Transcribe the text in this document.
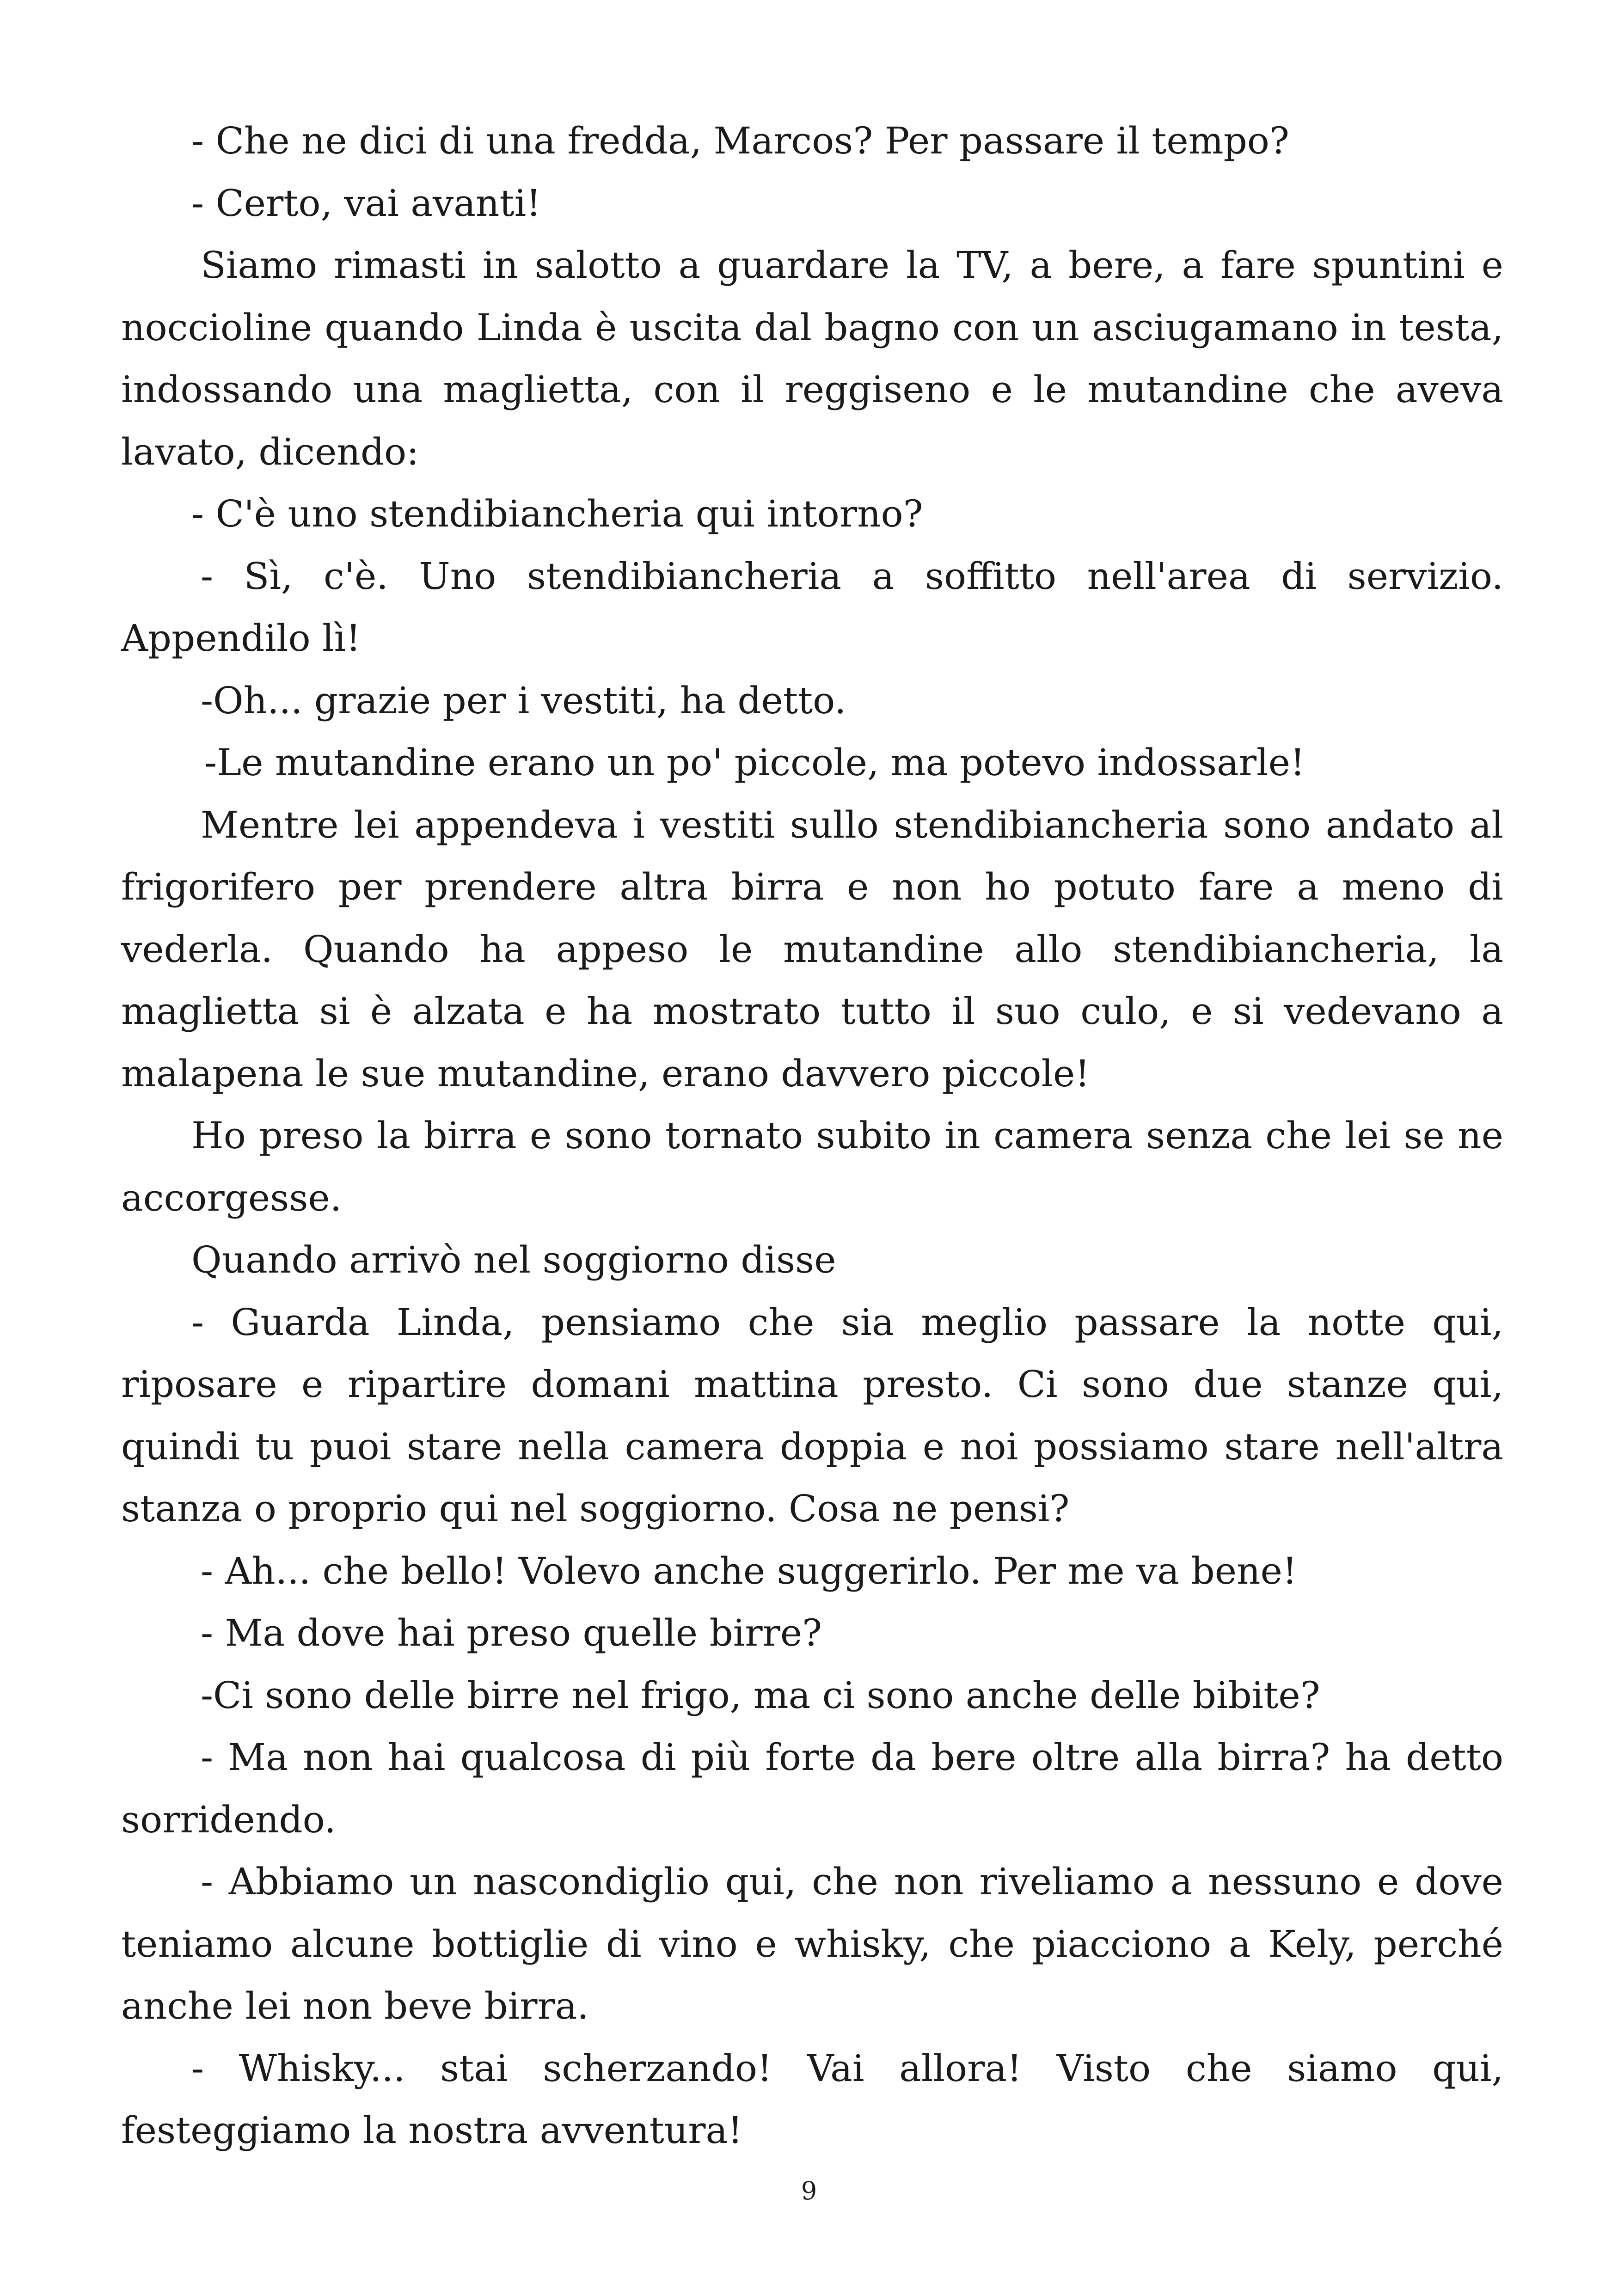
- Che ne dici di una fredda, Marcos? Per passare il tempo?

- Certo, vai avanti!

Siamo rimasti in salotto a guardare la TV, a bere, a fare spuntini e noccioline quando Linda è uscita dal bagno con un asciugamano in testa, indossando una maglietta, con il reggiseno e le mutandine che aveva lavato, dicendo:

- C'è uno stendibiancheria qui intorno?

- Sì, c'è. Uno stendibiancheria a soffitto nell'area di servizio. Appendilo lì!

-Oh... grazie per i vestiti, ha detto.

-Le mutandine erano un po' piccole, ma potevo indossarle!

Mentre lei appendeva i vestiti sullo stendibiancheria sono andato al frigorifero per prendere altra birra e non ho potuto fare a meno di vederla. Quando ha appeso le mutandine allo stendibiancheria, la maglietta si è alzata e ha mostrato tutto il suo culo, e si vedevano a malapena le sue mutandine, erano davvero piccole!

Ho preso la birra e sono tornato subito in camera senza che lei se ne accorgesse.

Quando arrivò nel soggiorno disse

- Guarda Linda, pensiamo che sia meglio passare la notte qui, riposare e ripartire domani mattina presto. Ci sono due stanze qui, quindi tu puoi stare nella camera doppia e noi possiamo stare nell'altra stanza o proprio qui nel soggiorno. Cosa ne pensi?

- Ah... che bello! Volevo anche suggerirlo. Per me va bene!

- Ma dove hai preso quelle birre?

-Ci sono delle birre nel frigo, ma ci sono anche delle bibite?

- Ma non hai qualcosa di più forte da bere oltre alla birra? ha detto sorridendo.

- Abbiamo un nascondiglio qui, che non riveliamo a nessuno e dove teniamo alcune bottiglie di vino e whisky, che piacciono a Kely, perché anche lei non beve birra.

- Whisky... stai scherzando! Vai allora! Visto che siamo qui, festeggiamo la nostra avventura!

9
